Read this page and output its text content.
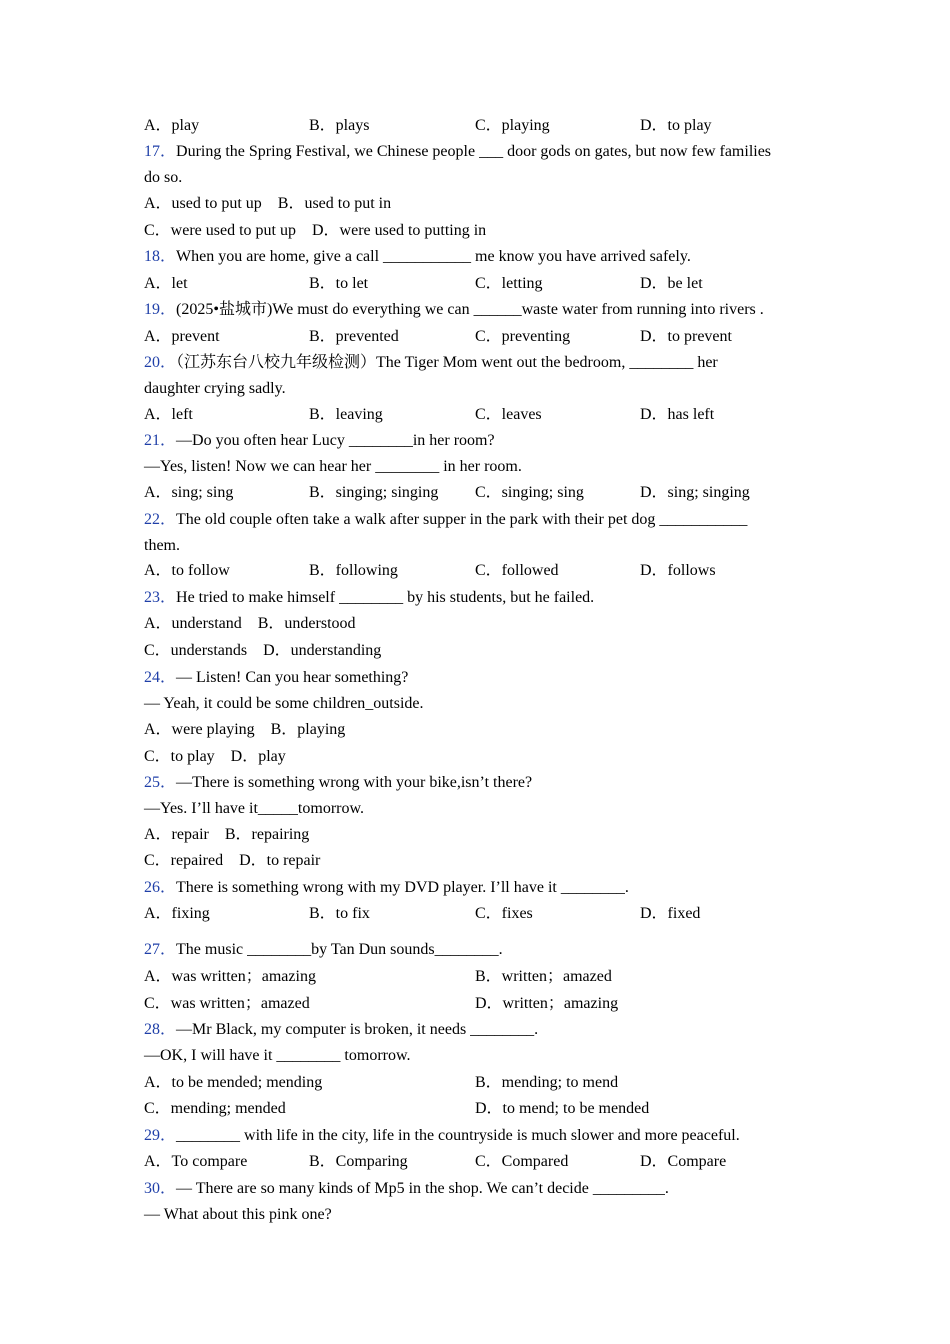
A．play	B．plays	C．playing	D．to play
17．During the Spring Festival, we Chinese people ___ door gods on gates, but now few families
do so.
A．used to put up　B．used to put in
C．were used to put up　D．were used to putting in
18．When you are home, give a call ___________ me know you have arrived safely.
A．let	B．to let	C．letting	D．be let
19．(2025•盐城市)We must do everything we can ______waste water from running into rivers .
A．prevent	B．prevented	C．preventing	D．to prevent
20．（江苏东台八校九年级检测）The Tiger Mom went out the bedroom, ________ her
daughter crying sadly.
A．left	B．leaving	C．leaves	D．has left
21．—Do you often hear Lucy ________in her room?
—Yes, listen! Now we can hear her ________ in her room.
A．sing; sing	B．singing; singing C．singing; sing	D．sing; singing
22．The old couple often take a walk after supper in the park with their pet dog ___________
them.
A．to follow	B．following	C．followed	D．follows
23．He tried to make himself ________ by his students, but he failed.
A．understand　B．understood
C．understands　D．understanding
24．— Listen! Can you hear something?
— Yeah, it could be some children_outside.
A．were playing　B．playing
C．to play　D．play
25．—There is something wrong with your bike,isn’t there?
—Yes. I’ll have it_____tomorrow.
A．repair　B．repairing
C．repaired　D．to repair
26．There is something wrong with my DVD player. I’ll have it ________.
A．fixing	B．to fix	C．fixes	D．fixed
27．The music ________by Tan Dun sounds________.
A．was written；amazing	B．written；amazed
C．was written；amazed	D．written；amazing
28．—Mr Black, my computer is broken, it needs ________.
—OK, I will have it ________ tomorrow.
A．to be mended; mending	B．mending; to mend
C．mending; mended	D．to mend; to be mended
29．________ with life in the city, life in the countryside is much slower and more peaceful.
A．To compare	B．Comparing	C．Compared	D．Compare
30．— There are so many kinds of Mp5 in the shop. We can’t decide _________.
— What about this pink one?
